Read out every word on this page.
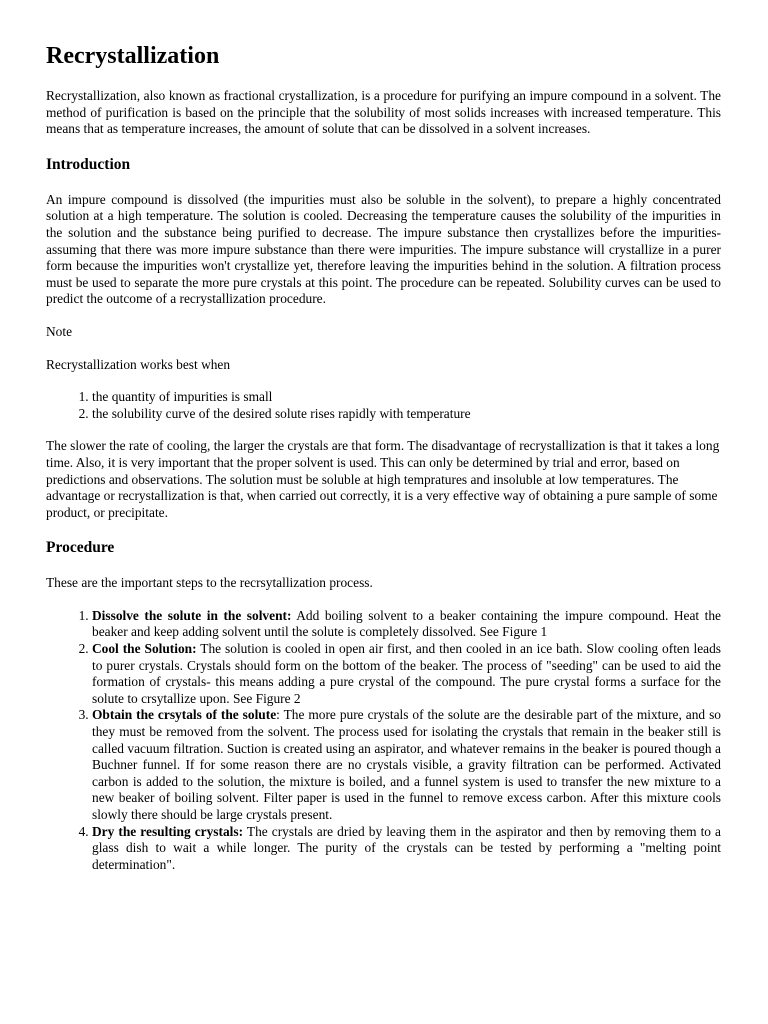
Recrystallization

Recrystallization, also known as fractional crystallization, is a procedure for purifying an impure compound in a solvent. The method of purification is based on the principle that the solubility of most solids increases with increased temperature. This means that as temperature increases, the amount of solute that can be dissolved in a solvent increases.

Introduction

An impure compound is dissolved (the impurities must also be soluble in the solvent), to prepare a highly concentrated solution at a high temperature. The solution is cooled. Decreasing the temperature causes the solubility of the impurities in the solution and the substance being purified to decrease. The impure substance then crystallizes before the impurities- assuming that there was more impure substance than there were impurities. The impure substance will crystallize in a purer form because the impurities won't crystallize yet, therefore leaving the impurities behind in the solution. A filtration process must be used to separate the more pure crystals at this point. The procedure can be repeated. Solubility curves can be used to predict the outcome of a recrystallization procedure.

Note

Recrystallization works best when

1. the quantity of impurities is small
2. the solubility curve of the desired solute rises rapidly with temperature

The slower the rate of cooling, the larger the crystals are that form. The disadvantage of recrystallization is that it takes a long time. Also, it is very important that the proper solvent is used. This can only be determined by trial and error, based on predictions and observations. The solution must be soluble at high tempratures and insoluble at low temperatures. The advantage or recrystallization is that, when carried out correctly, it is a very effective way of obtaining a pure sample of some product, or precipitate.

Procedure

These are the important steps to the recrsytallization process.

1. Dissolve the solute in the solvent: Add boiling solvent to a beaker containing the impure compound. Heat the beaker and keep adding solvent until the solute is completely dissolved. See Figure 1
2. Cool the Solution: The solution is cooled in open air first, and then cooled in an ice bath. Slow cooling often leads to purer crystals. Crystals should form on the bottom of the beaker. The process of "seeding" can be used to aid the formation of crystals- this means adding a pure crystal of the compound. The pure crystal forms a surface for the solute to crsytallize upon. See Figure 2
3. Obtain the crsytals of the solute: The more pure crystals of the solute are the desirable part of the mixture, and so they must be removed from the solvent. The process used for isolating the crystals that remain in the beaker still is called vacuum filtration. Suction is created using an aspirator, and whatever remains in the beaker is poured though a Buchner funnel. If for some reason there are no crystals visible, a gravity filtration can be performed. Activated carbon is added to the solution, the mixture is boiled, and a funnel system is used to transfer the new mixture to a new beaker of boiling solvent. Filter paper is used in the funnel to remove excess carbon. After this mixture cools slowly there should be large crystals present.
4. Dry the resulting crystals: The crystals are dried by leaving them in the aspirator and then by removing them to a glass dish to wait a while longer. The purity of the crystals can be tested by performing a "melting point determination".
